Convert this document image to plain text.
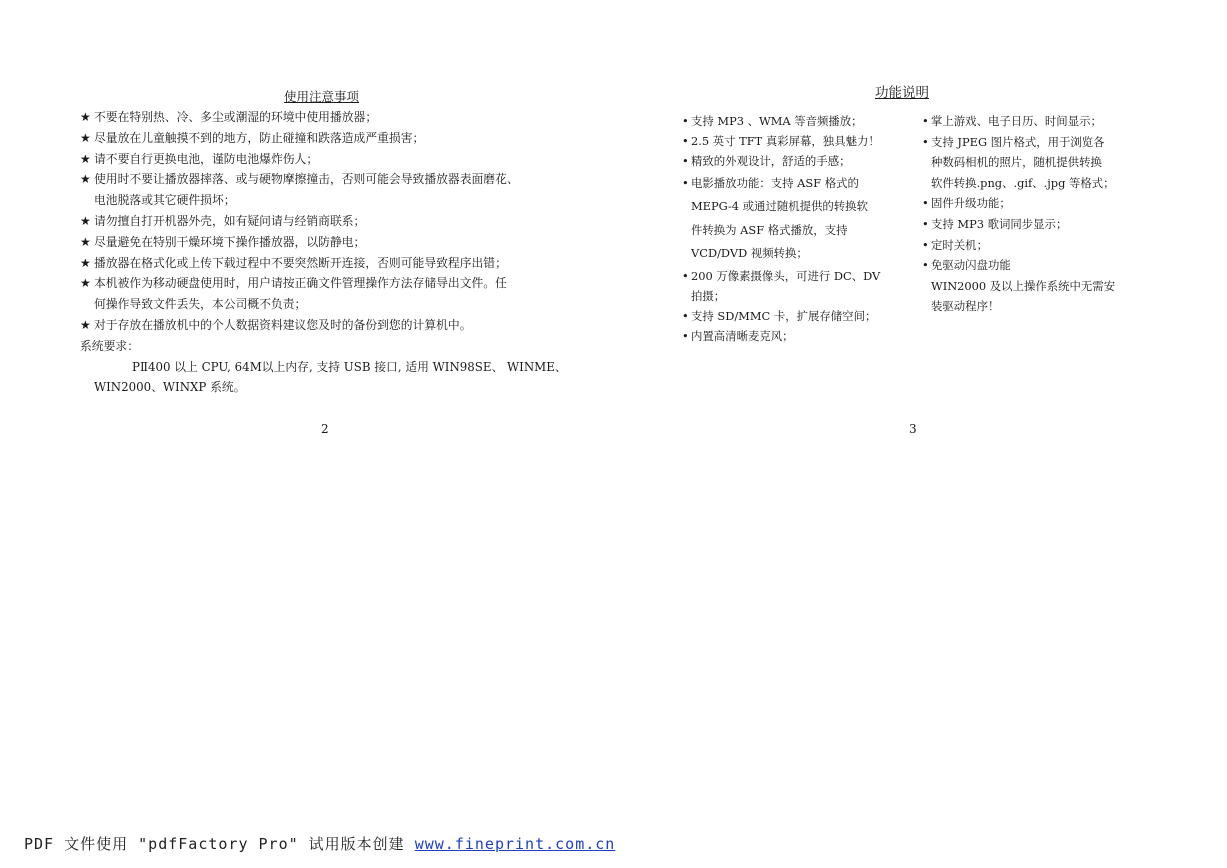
使用注意事项
★ 不要在特别热、冷、多尘或潮湿的环境中使用播放器；
★ 尽量放在儿童触摸不到的地方，防止碰撞和跌落造成严重损害；
★ 请不要自行更换电池，谨防电池爆炸伤人；
★ 使用时不要让播放器摔落、或与硬物摩擦撞击，否则可能会导致播放器表面磨花、
电池脱落或其它硬件损坏；
★ 请勿擅自打开机器外壳，如有疑问请与经销商联系；
★ 尽量避免在特别干燥环境下操作播放器，以防静电；
★ 播放器在格式化或上传下载过程中不要突然断开连接，否则可能导致程序出错；
★ 本机被作为移动硬盘使用时，用户请按正确文件管理操作方法存储导出文件。任
何操作导致文件丢失，本公司概不负责；
★ 对于存放在播放机中的个人数据资料建议您及时的备份到您的计算机中。
系统要求：
PⅡ400 以上 CPU, 64M以上内存, 支持 USB 接口, 适用 WIN98SE、 WINME、WIN2000、WINXP 系统。
2
功能说明
• 支持 MP3 、WMA 等音频播放；
• 2.5 英寸 TFT 真彩屏幕，独具魅力！
• 精致的外观设计，舒适的手感；
• 电影播放功能：支持 ASF 格式的
MEPG-4 或通过随机提供的转换软
件转换为 ASF 格式播放，支持
VCD/DVD 视频转换；
• 200 万像素摄像头，可进行 DC、DV
拍摄；
• 支持 SD/MMC 卡，扩展存储空间；
• 内置高清晰麦克风；
• 掌上游戏、电子日历、时间显示；
• 支持 JPEG 图片格式，用于浏览各
种数码相机的照片，随机提供转换
软件转换.png、.gif、.jpg 等格式；
• 固件升级功能；
• 支持 MP3 歌词同步显示；
• 定时关机；
• 免驱动闪盘功能
WIN2000 及以上操作系统中无需安
装驱动程序！
3
PDF 文件使用 "pdfFactory Pro" 试用版本创建 www.fineprint.com.cn
